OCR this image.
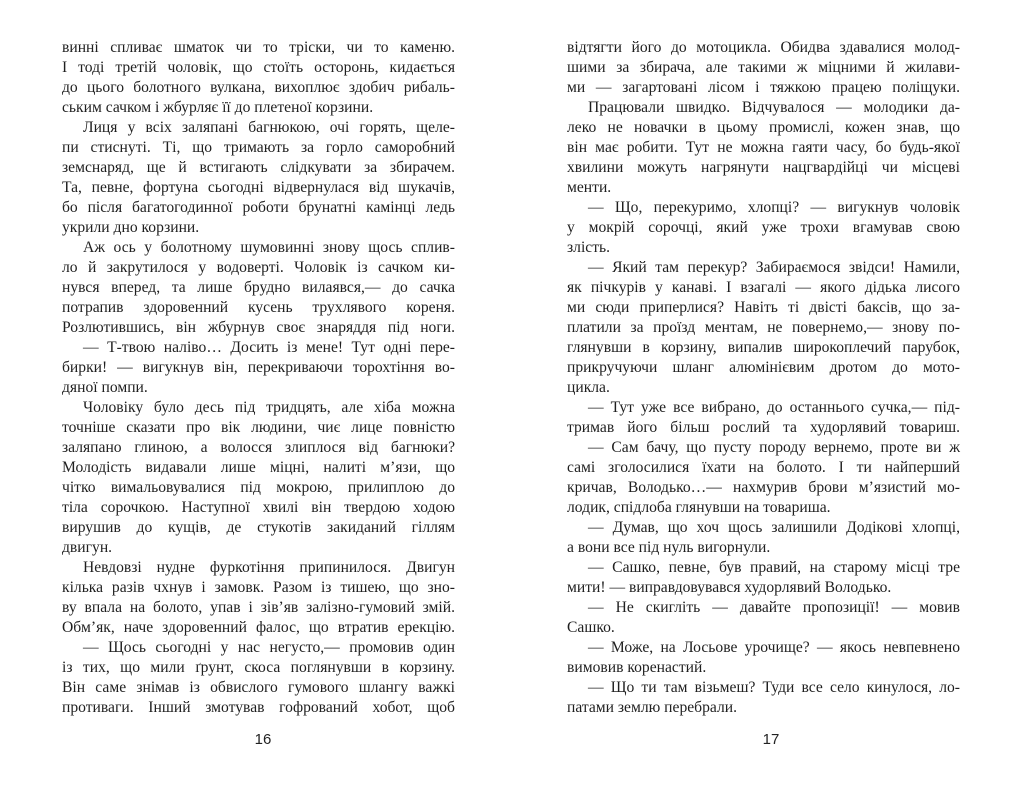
винні спливає шматок чи то тріски, чи то каменю.
І тоді третій чоловік, що стоїть осторонь, кидається
до цього болотного вулкана, вихоплює здобич рибаль-
ським сачком і жбурляє її до плетеної корзини.
Лиця у всіх заляпані багнюкою, очі горять, щеле-
пи стиснуті. Ті, що тримають за горло саморобний
земснаряд, ще й встигають слідкувати за збирачем.
Та, певне, фортуна сьогодні відвернулася від шукачів,
бо після багатогодинної роботи брунатні камінці ледь
укрили дно корзини.
Аж ось у болотному шумовинні знову щось сплив-
ло й закрутилося у водоверті. Чоловік із сачком ки-
нувся вперед, та лише брудно вилаявся,— до сачка
потрапив здоровенний кусень трухлявого кореня.
Розлютившись, він жбурнув своє знаряддя під ноги.
— Т-твою наліво… Досить із мене! Тут одні пере-
бирки! — вигукнув він, перекриваючи торохтіння во-
дяної помпи.
Чоловіку було десь під тридцять, але хіба можна
точніше сказати про вік людини, чиє лице повністю
заляпано глиною, а волосся злиплося від багнюки?
Молодість видавали лише міцні, налиті м’язи, що
чітко вимальовувалися під мокрою, прилиплою до
тіла сорочкою. Наступної хвилі він твердою ходою
вирушив до кущів, де стукотів закиданий гіллям
двигун.
Невдовзі нудне фуркотіння припинилося. Двигун
кілька разів чхнув і замовк. Разом із тишею, що зно-
ву впала на болото, упав і зів’яв залізно-гумовий змій.
Обм’як, наче здоровенний фалос, що втратив ерекцію.
— Щось сьогодні у нас негусто,— промовив один
із тих, що мили ґрунт, скоса поглянувши в корзину.
Він саме знімав із обвислого гумового шлангу важкі
противаги. Інший змотував гофрований хобот, щоб
16
відтягти його до мотоцикла. Обидва здавалися молод-
шими за збирача, але такими ж міцними й жилави-
ми — загартовані лісом і тяжкою працею поліщуки.
Працювали швидко. Відчувалося — молодики да-
леко не новачки в цьому промислі, кожен знав, що
він має робити. Тут не можна гаяти часу, бо будь-якої
хвилини можуть нагрянути нацгвардійці чи місцеві
менти.
— Що, перекуримо, хлопці? — вигукнув чоловік
у мокрій сорочці, який уже трохи вгамував свою
злість.
— Який там перекур? Забираємося звідси! Намили,
як пічкурів у канаві. І взагалі — якого дідька лисого
ми сюди приперлися? Навіть ті двісті баксів, що за-
платили за проїзд ментам, не повернемо,— знову по-
глянувши в корзину, випалив широкоплечий парубок,
прикручуючи шланг алюмінієвим дротом до мото-
цикла.
— Тут уже все вибрано, до останнього сучка,— під-
тримав його більш рослий та худорлявий товариш.
— Сам бачу, що пусту породу вернемо, проте ви ж
самі зголосилися їхати на болото. І ти найперший
кричав, Володько…— нахмурив брови м’язистий мо-
лодик, спідлоба глянувши на товариша.
— Думав, що хоч щось залишили Додікові хлопці,
а вони все під нуль вигорнули.
— Сашко, певне, був правий, на старому місці тре
мити! — виправдовувався худорлявий Володько.
— Не скигліть — давайте пропозиції! — мовив
Сашко.
— Може, на Лосьове урочище? — якось невпевнено
вимовив коренастий.
— Що ти там візьмеш? Туди все село кинулося, ло-
патами землю перебрали.
17
